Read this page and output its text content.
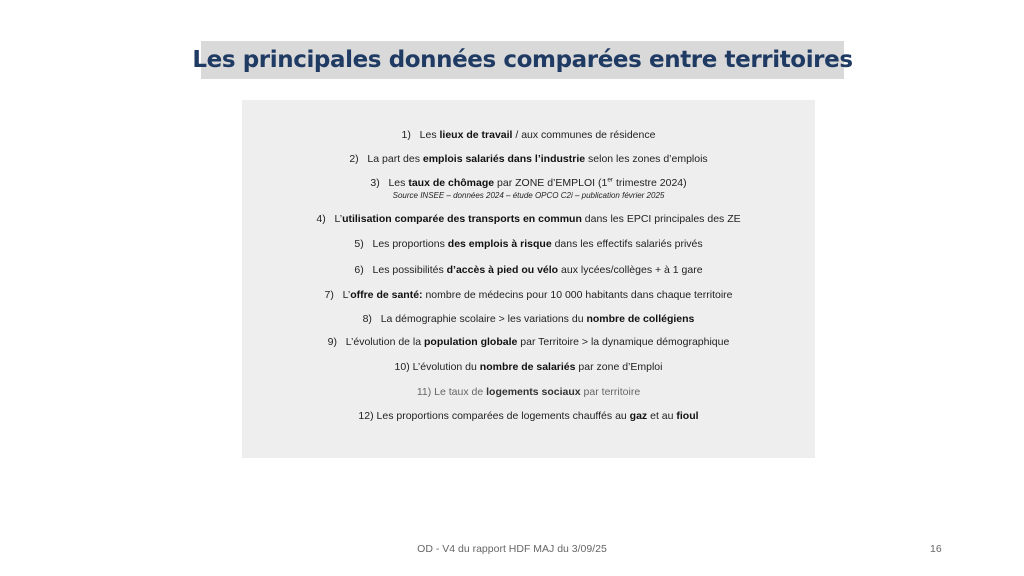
Les principales données comparées entre territoires
1) Les lieux de travail / aux communes de résidence
2) La part des emplois salariés dans l’industrie selon les zones d’emplois
3) Les taux de chômage par ZONE d’EMPLOI (1er trimestre 2024)
Source INSEE – données 2024 – étude OPCO C2i – publication février 2025
4) L’utilisation comparée des transports en commun dans les EPCI principales des ZE
5) Les proportions des emplois à risque dans les effectifs salariés privés
6) Les possibilités d’accès à pied ou vélo aux lycées/collèges + à 1 gare
7) L’offre de santé: nombre de médecins pour 10 000 habitants dans chaque territoire
8) La démographie scolaire > les variations du nombre de collégiens
9) L’évolution de la population globale par Territoire > la dynamique démographique
10) L’évolution du nombre de salariés par zone d’Emploi
11) Le taux de logements sociaux par territoire
12) Les proportions comparées de logements chauffés au gaz et au fioul
OD - V4 du rapport HDF MAJ du 3/09/25	16
